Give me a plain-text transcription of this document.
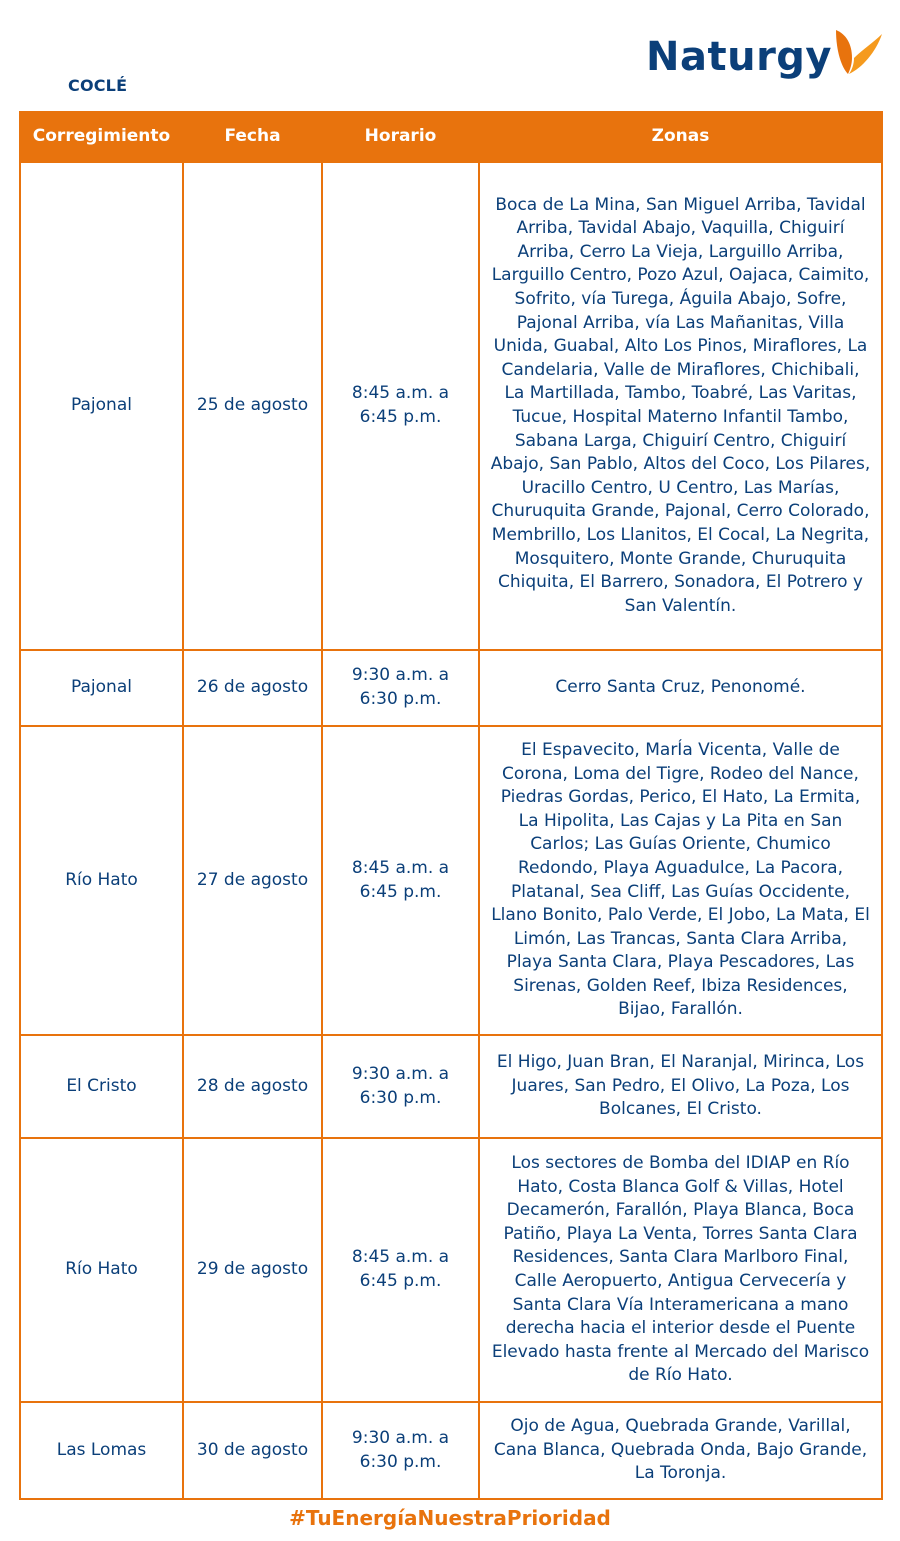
COCLÉ
Naturgy
Corregimiento	Fecha	Horario	Zonas
Pajonal	25 de agosto	8:45 a.m. a 6:45 p.m.	Boca de La Mina, San Miguel Arriba, Tavidal Arriba, Tavidal Abajo, Vaquilla, Chiguirí Arriba, Cerro La Vieja, Larguillo Arriba, Larguillo Centro, Pozo Azul, Oajaca, Caimito, Sofrito, vía Turega, Águila Abajo, Sofre, Pajonal Arriba, vía Las Mañanitas, Villa Unida, Guabal, Alto Los Pinos, Miraflores, La Candelaria, Valle de Miraflores, Chichibali, La Martillada, Tambo, Toabré, Las Varitas, Tucue, Hospital Materno Infantil Tambo, Sabana Larga, Chiguirí Centro, Chiguirí Abajo, San Pablo, Altos del Coco, Los Pilares, Uracillo Centro, U Centro, Las Marías, Churuquita Grande, Pajonal, Cerro Colorado, Membrillo, Los Llanitos, El Cocal, La Negrita, Mosquitero, Monte Grande, Churuquita Chiquita, El Barrero, Sonadora, El Potrero y San Valentín.
Pajonal	26 de agosto	9:30 a.m. a 6:30 p.m.	Cerro Santa Cruz, Penonomé.
Río Hato	27 de agosto	8:45 a.m. a 6:45 p.m.	El Espavecito, MarÍa Vicenta, Valle de Corona, Loma del Tigre, Rodeo del Nance, Piedras Gordas, Perico, El Hato, La Ermita, La Hipolita, Las Cajas y La Pita en San Carlos; Las Guías Oriente, Chumico Redondo, Playa Aguadulce, La Pacora, Platanal, Sea Cliff, Las Guías Occidente, Llano Bonito, Palo Verde, El Jobo, La Mata, El Limón, Las Trancas, Santa Clara Arriba, Playa Santa Clara, Playa Pescadores, Las Sirenas, Golden Reef, Ibiza Residences, Bijao, Farallón.
El Cristo	28 de agosto	9:30 a.m. a 6:30 p.m.	El Higo, Juan Bran, El Naranjal, Mirinca, Los Juares, San Pedro, El Olivo, La Poza, Los Bolcanes, El Cristo.
Río Hato	29 de agosto	8:45 a.m. a 6:45 p.m.	Los sectores de Bomba del IDIAP en Río Hato, Costa Blanca Golf & Villas, Hotel Decamerón, Farallón, Playa Blanca, Boca Patiño, Playa La Venta, Torres Santa Clara Residences, Santa Clara Marlboro Final, Calle Aeropuerto, Antigua Cervecería y Santa Clara Vía Interamericana a mano derecha hacia el interior desde el Puente Elevado hasta frente al Mercado del Marisco de Río Hato.
Las Lomas	30 de agosto	9:30 a.m. a 6:30 p.m.	Ojo de Agua, Quebrada Grande, Varillal, Cana Blanca, Quebrada Onda, Bajo Grande, La Toronja.
#TuEnergíaNuestraPrioridad
